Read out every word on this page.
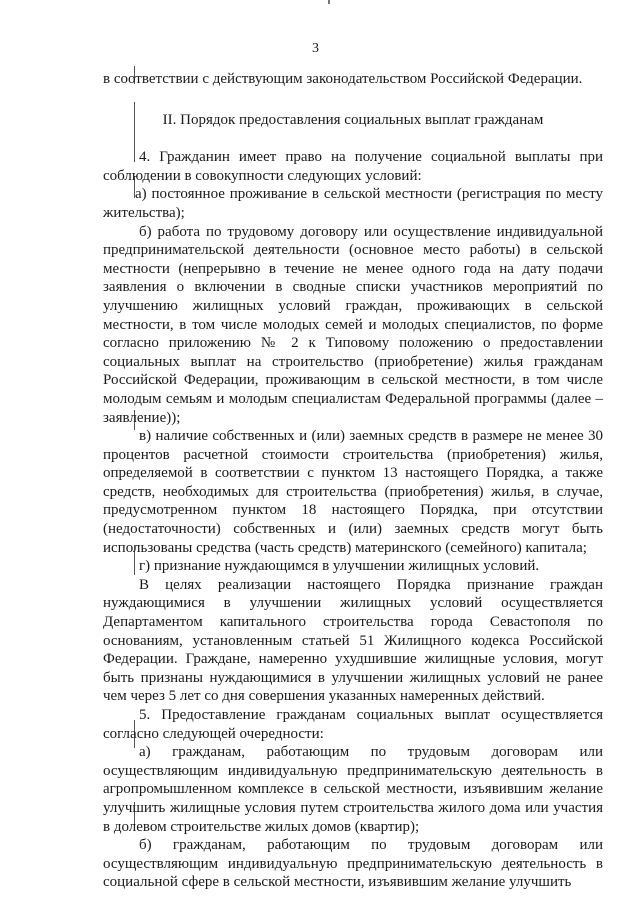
3

в соответствии с действующим законодательством Российской Федерации.

II. Порядок предоставления социальных выплат гражданам

4. Гражданин имеет право на получение социальной выплаты при соблюдении в совокупности следующих условий:

а) постоянное проживание в сельской местности (регистрация по месту жительства);

б) работа по трудовому договору или осуществление индивидуальной предпринимательской деятельности (основное место работы) в сельской местности (непрерывно в течение не менее одного года на дату подачи заявления о включении в сводные списки участников мероприятий по улучшению жилищных условий граждан, проживающих в сельской местности, в том числе молодых семей и молодых специалистов, по форме согласно приложению № 2 к Типовому положению о предоставлении социальных выплат на строительство (приобретение) жилья гражданам Российской Федерации, проживающим в сельской местности, в том числе молодым семьям и молодым специалистам Федеральной программы (далее – заявление));

в) наличие собственных и (или) заемных средств в размере не менее 30 процентов расчетной стоимости строительства (приобретения) жилья, определяемой в соответствии с пунктом 13 настоящего Порядка, а также средств, необходимых для строительства (приобретения) жилья, в случае, предусмотренном пунктом 18 настоящего Порядка, при отсутствии (недостаточности) собственных и (или) заемных средств могут быть использованы средства (часть средств) материнского (семейного) капитала;

г) признание нуждающимся в улучшении жилищных условий.

В целях реализации настоящего Порядка признание граждан нуждающимися в улучшении жилищных условий осуществляется Департаментом капитального строительства города Севастополя по основаниям, установленным статьей 51 Жилищного кодекса Российской Федерации. Граждане, намеренно ухудшившие жилищные условия, могут быть признаны нуждающимися в улучшении жилищных условий не ранее чем через 5 лет со дня совершения указанных намеренных действий.

5. Предоставление гражданам социальных выплат осуществляется согласно следующей очередности:

а) гражданам, работающим по трудовым договорам или осуществляющим индивидуальную предпринимательскую деятельность в агропромышленном комплексе в сельской местности, изъявившим желание улучшить жилищные условия путем строительства жилого дома или участия в долевом строительстве жилых домов (квартир);

б) гражданам, работающим по трудовым договорам или осуществляющим индивидуальную предпринимательскую деятельность в социальной сфере в сельской местности, изъявившим желание улучшить
